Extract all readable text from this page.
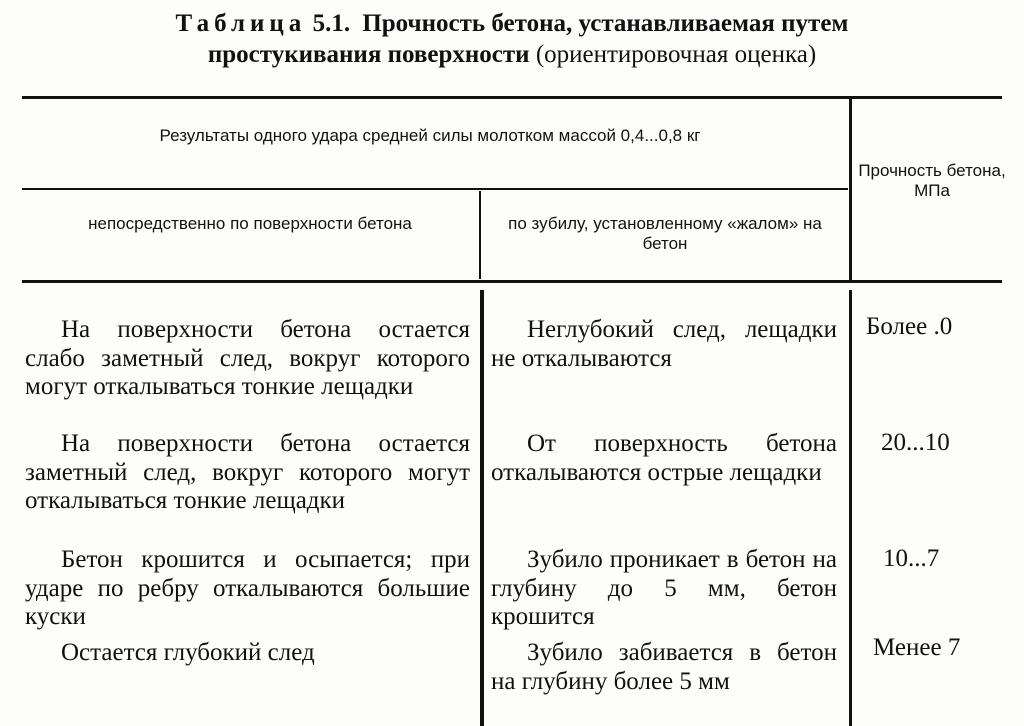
Таблица 5.1. Прочность бетона, устанавливаемая путем
простукивания поверхности (ориентировочная оценка)
Результаты одного удара средней силы молотком массой 0,4...0,8 кг
непосредственно по поверхности бетона	по зубилу, установленному «жалом» на бетон
Прочность бетона, МПа

На поверхности бетона остается слабо заметный след, вокруг которого могут откалываться тонкие лещадки

Неглубокий след, лещадки не откалываются

Более .0

На поверхности бетона остается заметный след, вокруг которого могут откалываться тонкие лещадки

От поверхность бетона откалываются острые лещадки

20...10

Бетон крошится и осыпается; при ударе по ребру откалываются большие куски

Зубило проникает в бетон на глубину до 5 мм, бетон крошится

10...7

Остается глубокий след	Зубило забивается в бетон на глубину более 5 мм

Менее 7
